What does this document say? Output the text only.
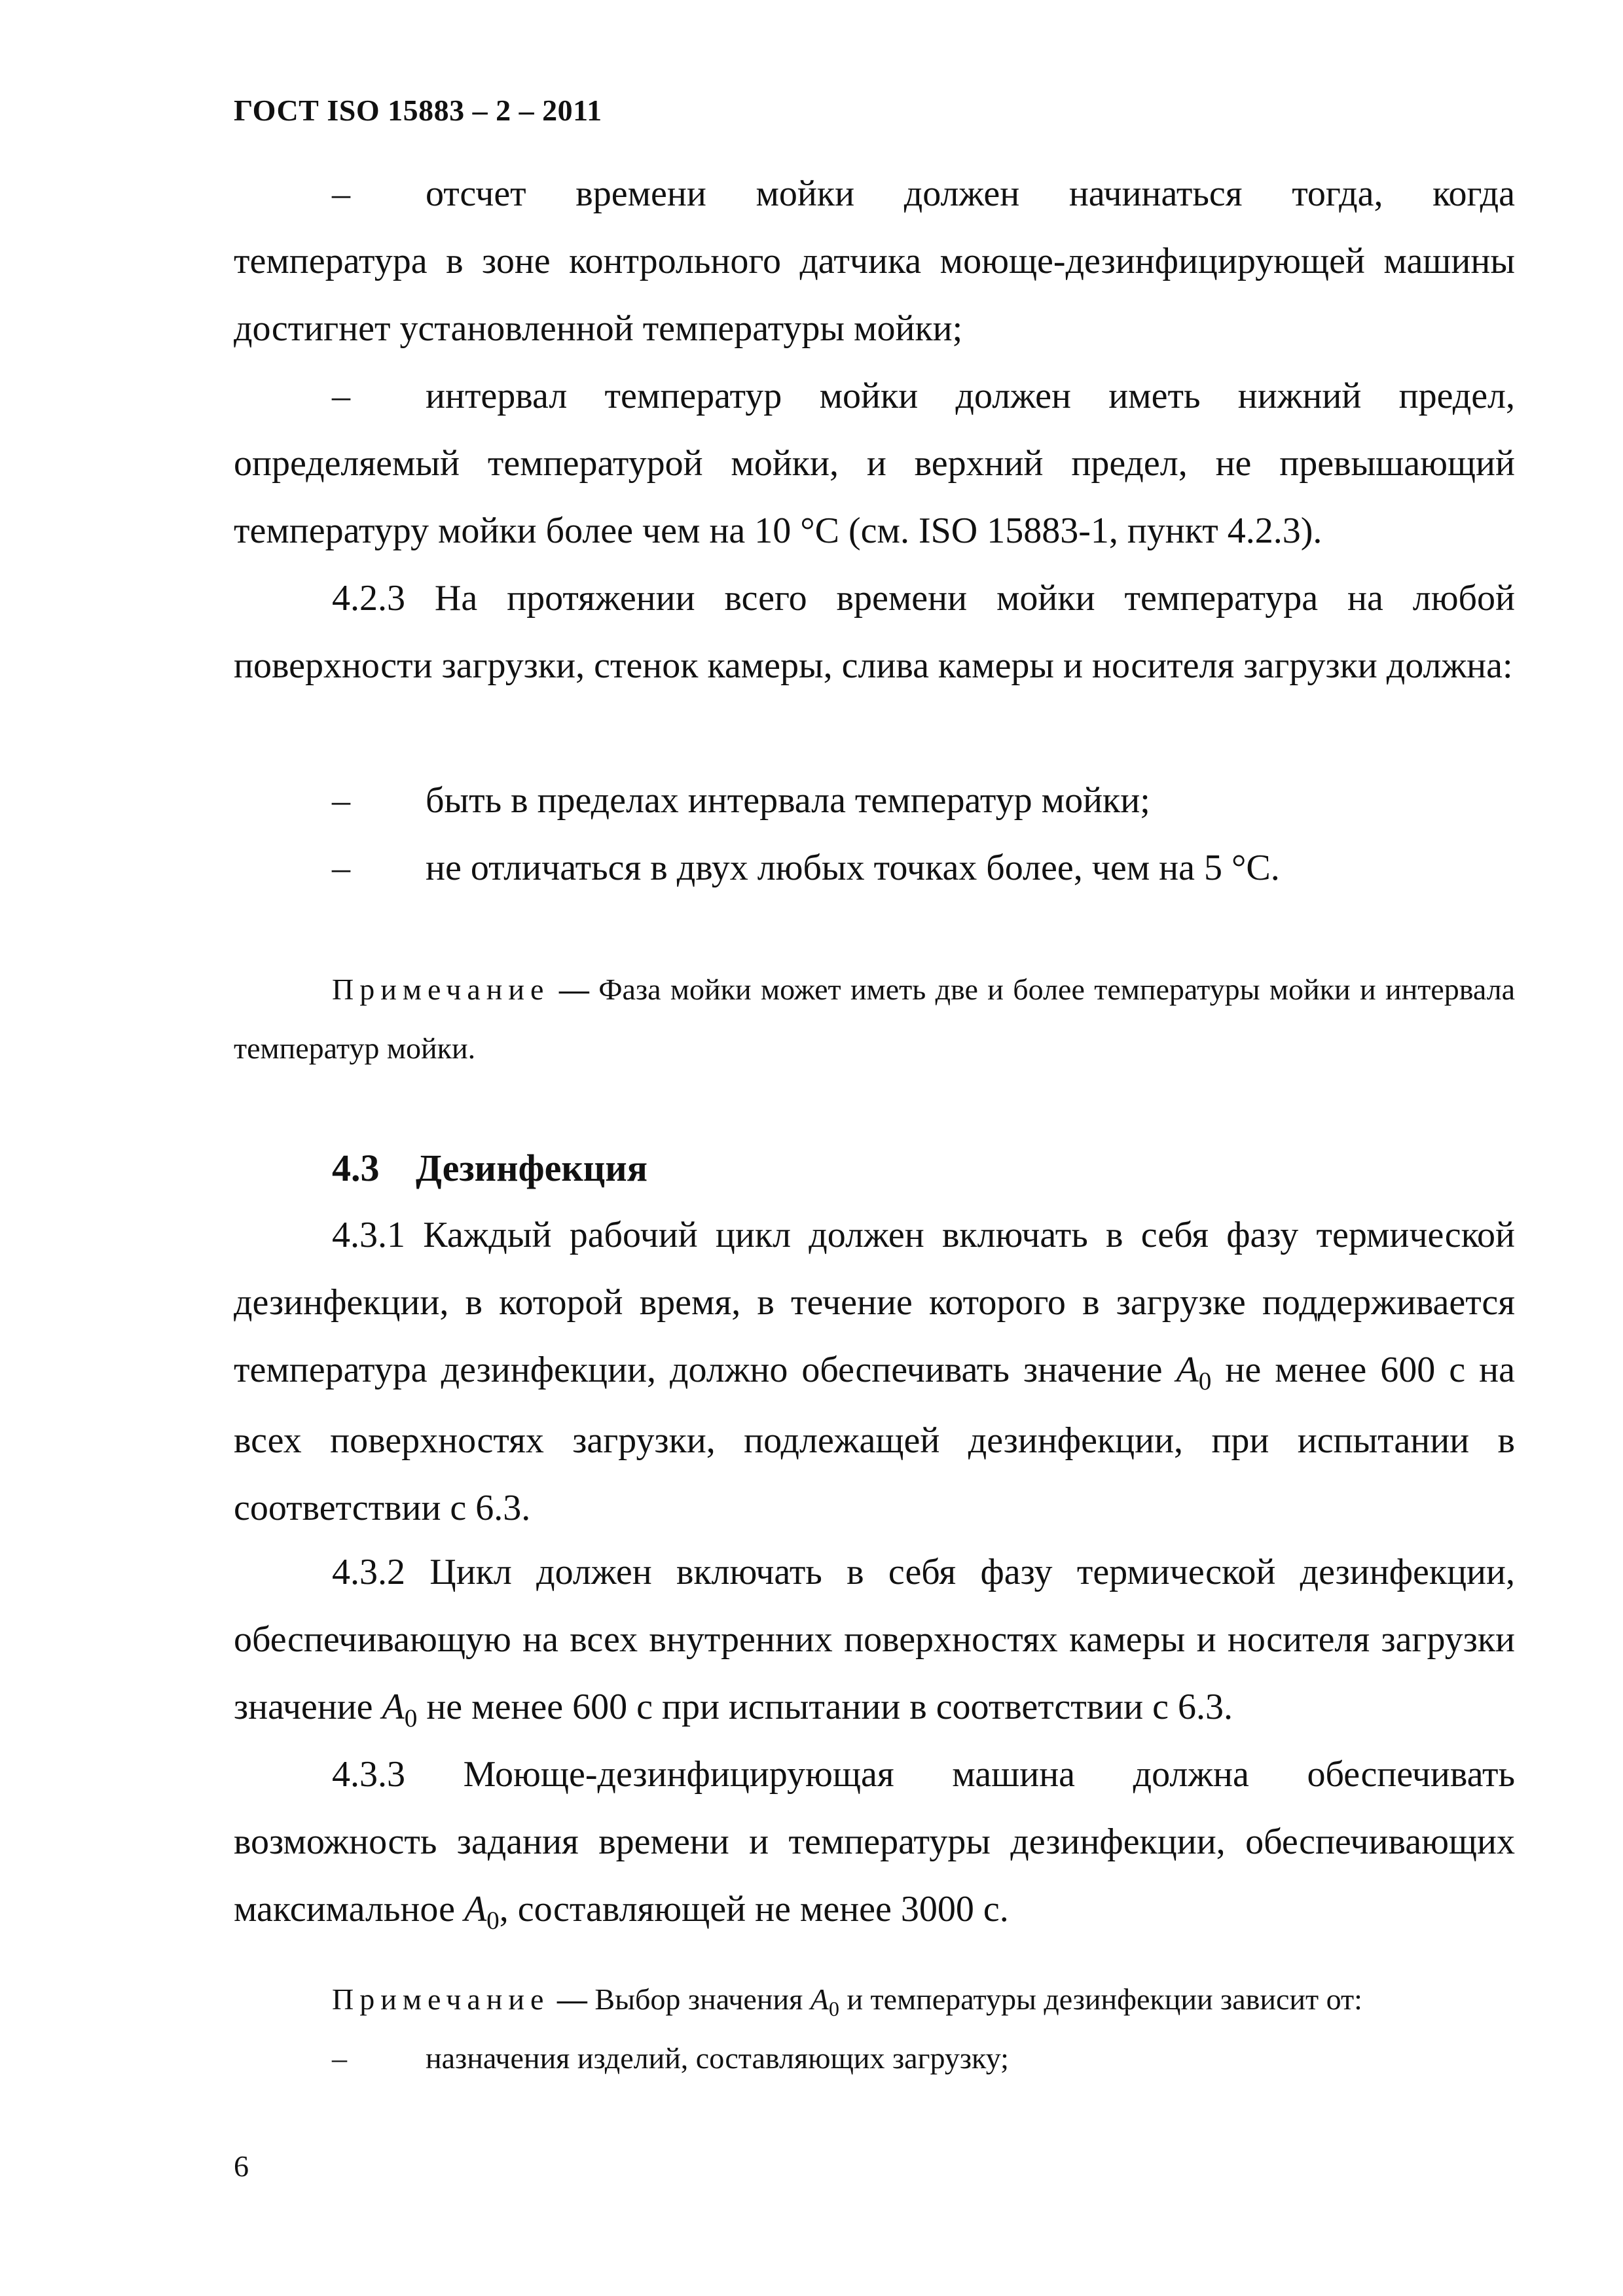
ГОСТ ISO 15883 – 2 – 2011
– отсчет времени мойки должен начинаться тогда, когда
температура в зоне контрольного датчика моюще-дезинфицирующей машины достигнет установленной температуры мойки;
– интервал температур мойки должен иметь нижний предел,
определяемый температурой мойки, и верхний предел, не превышающий температуру мойки более чем на 10 °С (см. ISO 15883-1, пункт 4.2.3).
4.2.3 На протяжении всего времени мойки температура на любой поверхности загрузки, стенок камеры, слива камеры и носителя загрузки должна:
– быть в пределах интервала температур мойки;
– не отличаться в двух любых точках более, чем на 5 °С.
Примечание — Фаза мойки может иметь две и более температуры мойки и интервала температур мойки.
4.3 Дезинфекция
4.3.1 Каждый рабочий цикл должен включать в себя фазу термической дезинфекции, в которой время, в течение которого в загрузке поддерживается температура дезинфекции, должно обеспечивать значение $A_0$ не менее 600 с на всех поверхностях загрузки, подлежащей дезинфекции, при испытании в соответствии с 6.3.
4.3.2 Цикл должен включать в себя фазу термической дезинфекции, обеспечивающую на всех внутренних поверхностях камеры и носителя загрузки значение $A_0$ не менее 600 с при испытании в соответствии с 6.3.
4.3.3 Моюще-дезинфицирующая машина должна обеспечивать возможность задания времени и температуры дезинфекции, обеспечивающих максимальное $A_0$, составляющей не менее 3000 с.
Примечание — Выбор значения $A_0$ и температуры дезинфекции зависит от:
–	назначения изделий, составляющих загрузку;
6
